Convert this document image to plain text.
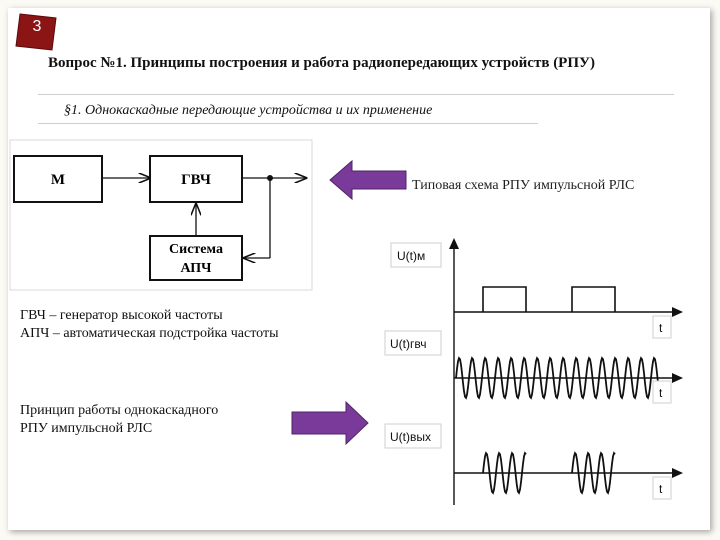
3
Вопрос №1. Принципы построения и работа радиопередающих устройств (РПУ)
§1. Однокаскадные передающие устройства и их применение
М	ГВЧ
Система
АПЧ
U(t)м
U(t)гвч
U(t)вых
t
t
t
Типовая схема РПУ импульсной РЛС
ГВЧ – генератор высокой частоты
АПЧ – автоматическая подстройка частоты
Принцип работы однокаскадного
РПУ импульсной РЛС
